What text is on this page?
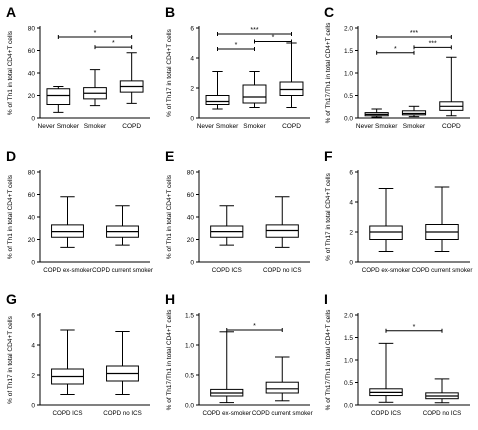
A
% of Th1 in total CD4+T cells
0
20
40
60
80
Never Smoker Smoker COPD
*
*
B
% of Th17 in total CD4+T cells
0
2
4
6
Never Smoker Smoker	COPD
***
*
*
C
% of Th17/Th1 in total CD4+T cells 0.0
0.5
1.0
1.5
2.0
Never Smoker Smoker	COPD
***
*
***
D
% of Th1 in total CD4+T cells
0
20
40
60
80
COPD ex-smoker COPD current smoker
E
% of Th1 in total CD4+T cells
0
20
40
60
80
COPD ICS	COPD no ICS
F
% of Th17 in total CD4+T cells
0
2
4
6
COPD ex-smoker COPD current smoker
G
% of Th17 in total CD4+T cells
0
2
4
6
COPD ICS	COPD no ICS
H
% of Th17/Th1 in total CD4+T cells 0.0
0.5
1.0
1.5
COPD ex-smoker COPD current smoker
*
I
% of Th17/Th1 in total CD4+T cells 0.0
0.5
1.0
1.5
2.0
COPD ICS	COPD no ICS
*
